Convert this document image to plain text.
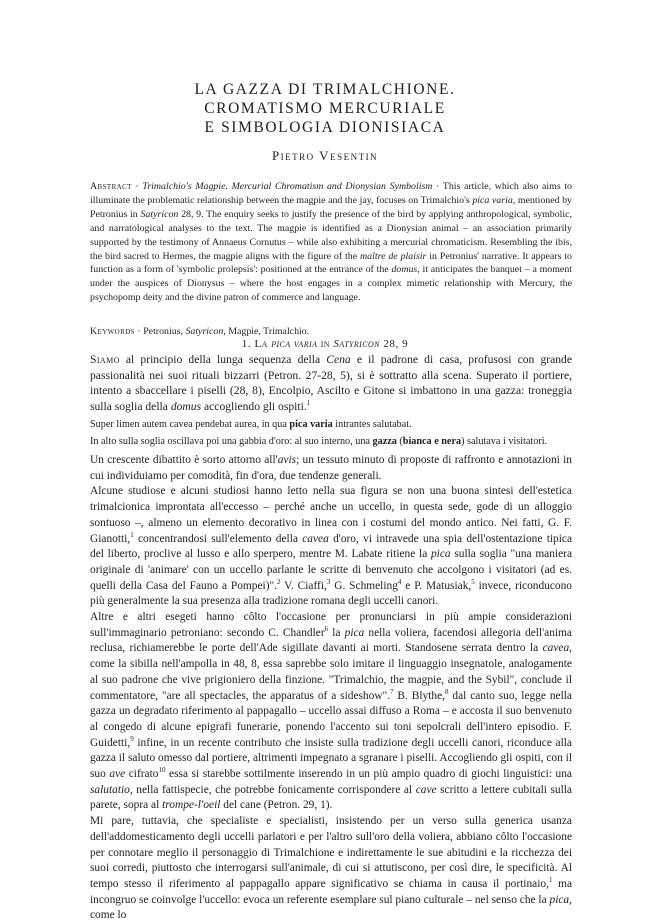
LA GAZZA DI TRIMALCHIONE.
CROMATISMO MERCURIALE
E SIMBOLOGIA DIONISIACA
Pietro Vesentin

Abstract · Trimalchio's Magpie. Mercurial Chromatism and Dionysian Symbolism · This article, which also aims to illuminate the problematic relationship between the magpie and the jay, focuses on Trimalchio's pica varia, mentioned by Petronius in Satyricon 28, 9. The enquiry seeks to justify the presence of the bird by applying anthropological, symbolic, and narratological analyses to the text. The magpie is identified as a Dionysian animal – an association primarily supported by the testimony of Annaeus Cornutus – while also exhibiting a mercurial chromaticism. Resembling the ibis, the bird sacred to Hermes, the magpie aligns with the figure of the maître de plaisir in Petronius' narrative. It appears to function as a form of 'symbolic prolepsis': positioned at the entrance of the domus, it anticipates the banquet – a moment under the auspices of Dionysus – where the host engages in a complex mimetic relationship with Mercury, the psychopomp deity and the divine patron of commerce and language.

Keywords · Petronius, Satyricon, Magpie, Trimalchio.

1. La pica varia in Satyricon 28, 9

Siamo al principio della lunga sequenza della Cena e il padrone di casa, profusosi con grande passionalità nei suoi rituali bizzarri (Petron. 27-28, 5), si è sottratto alla scena. Superato il portiere, intento a sbaccellare i piselli (28, 8), Encolpio, Ascilto e Gitone si imbattono in una gazza: troneggia sulla soglia della domus accogliendo gli ospiti.$^1$

Super limen autem cavea pendebat aurea, in qua pica varia intrantes salutabat.

In alto sulla soglia oscillava poi una gabbia d'oro: al suo interno, una gazza (bianca e nera) salutava i visitatori.

Un crescente dibattito è sorto attorno all'avis; un tessuto minuto di proposte di raffronto e annotazioni in cui individuiamo per comodità, fin d'ora, due tendenze generali.

Alcune studiose e alcuni studiosi hanno letto nella sua figura se non una buona sintesi dell'estetica trimalcionica improntata all'eccesso – perché anche un uccello, in questa sede, gode di un alloggio sontuoso –, almeno un elemento decorativo in linea con i costumi del mondo antico. Nei fatti, G. F. Gianotti,$^1$ concentrandosi sull'elemento della cavea d'oro, vi intravede una spia dell'ostentazione tipica del liberto, proclive al lusso e allo sperpero, mentre M. Labate ritiene la pica sulla soglia "una maniera originale di 'animare' con un uccello parlante le scritte di benvenuto che accolgono i visitatori (ad es. quelli della Casa del Fauno a Pompei)".$^2$ V. Ciaffi,$^3$ G. Schmeling$^4$ e P. Matusiak,$^5$ invece, riconducono più generalmente la sua presenza alla tradizione romana degli uccelli canori.

Altre e altri esegeti hanno côlto l'occasione per pronunciarsi in più ampie considerazioni sull'immaginario petroniano: secondo C. Chandler$^6$ la pica nella voliera, facendosi allegoria dell'anima reclusa, richiamerebbe le porte dell'Ade sigillate davanti ai morti. Standosene serrata dentro la cavea, come la sibilla nell'ampolla in 48, 8, essa saprebbe solo imitare il linguaggio insegnatole, analogamente al suo padrone che vive prigioniero della finzione. "Trimalchio, the magpie, and the Sybil", conclude il commentatore, "are all spectacles, the apparatus of a sideshow".$^7$ B. Blythe,$^8$ dal canto suo, legge nella gazza un degradato riferimento al pappagallo – uccello assai diffuso a Roma – e accosta il suo benvenuto al congedo di alcune epigrafi funerarie, ponendo l'accento sui toni sepolcrali dell'intero episodio. F. Guidetti,$^9$ infine, in un recente contributo che insiste sulla tradizione degli uccelli canori, riconduce alla gazza il saluto omesso dal portiere, altrimenti impegnato a sgranare i piselli. Accogliendo gli ospiti, con il suo ave cifrato$^{10}$ essa si starebbe sottilmente inserendo in un più ampio quadro di giochi linguistici: una salutatio, nella fattispecie, che potrebbe fonicamente corrispondere al cave scritto a lettere cubitali sulla parete, sopra al trompe-l'oeil del cane (Petron. 29, 1).

Mi pare, tuttavia, che specialiste e specialisti, insistendo per un verso sulla generica usanza dell'addomesticamento degli uccelli parlatori e per l'altro sull'oro della voliera, abbiano côlto l'occasione per connotare meglio il personaggio di Trimalchione e indirettamente le sue abitudini e la ricchezza dei suoi corredi, piuttosto che interrogarsi sull'animale, di cui si attutiscono, per così dire, le specificità. Al tempo stesso il riferimento al pappagallo appare significativo se chiama in causa il portinaio,$^1$ ma incongruo se coinvolge l'uccello: evoca un referente esemplare sul piano culturale – nel senso che la pica, come lo
